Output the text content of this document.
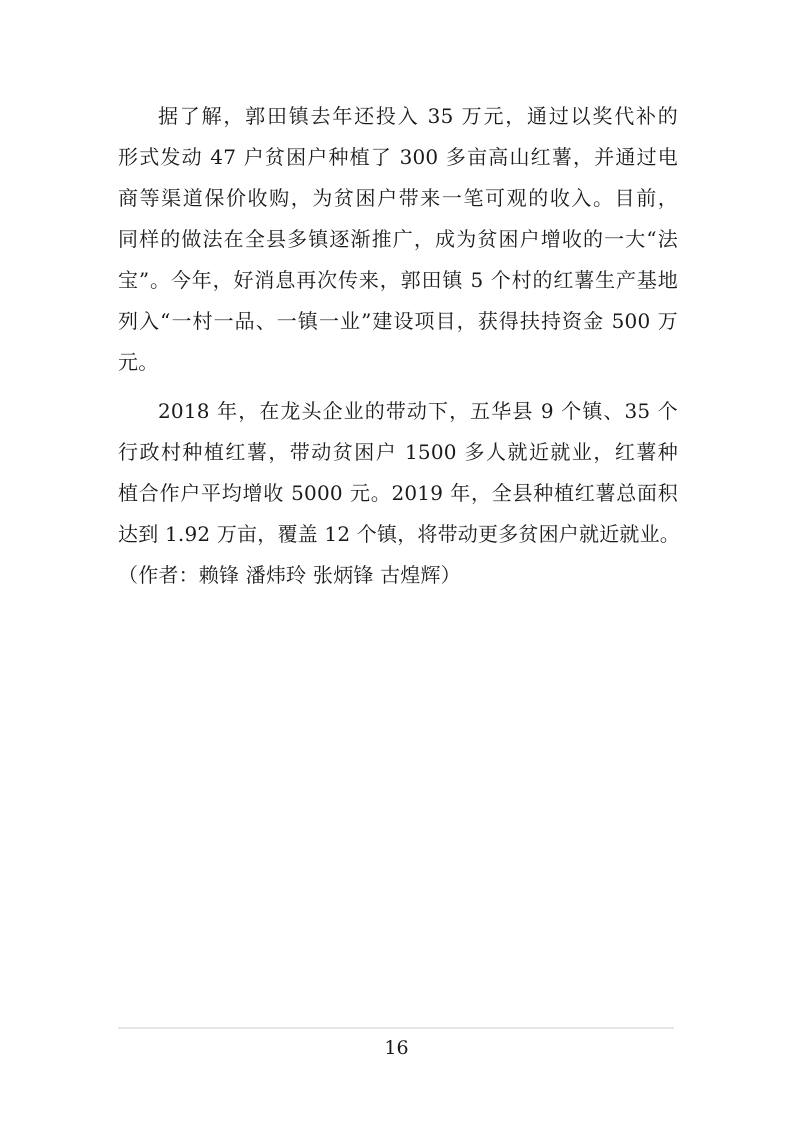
据了解，郭田镇去年还投入 35 万元，通过以奖代补的
形式发动 47 户贫困户种植了 300 多亩高山红薯，并通过电
商等渠道保价收购，为贫困户带来一笔可观的收入。目前，
同样的做法在全县多镇逐渐推广，成为贫困户增收的一大“法
宝”。今年，好消息再次传来，郭田镇 5 个村的红薯生产基地
列入“一村一品、一镇一业”建设项目，获得扶持资金 500 万
元。
2018 年，在龙头企业的带动下，五华县 9 个镇、35 个
行政村种植红薯，带动贫困户 1500 多人就近就业，红薯种
植合作户平均增收 5000 元。2019 年，全县种植红薯总面积
达到 1.92 万亩，覆盖 12 个镇，将带动更多贫困户就近就业。
（作者：赖锋 潘炜玲 张炳锋 古煌辉）
16
